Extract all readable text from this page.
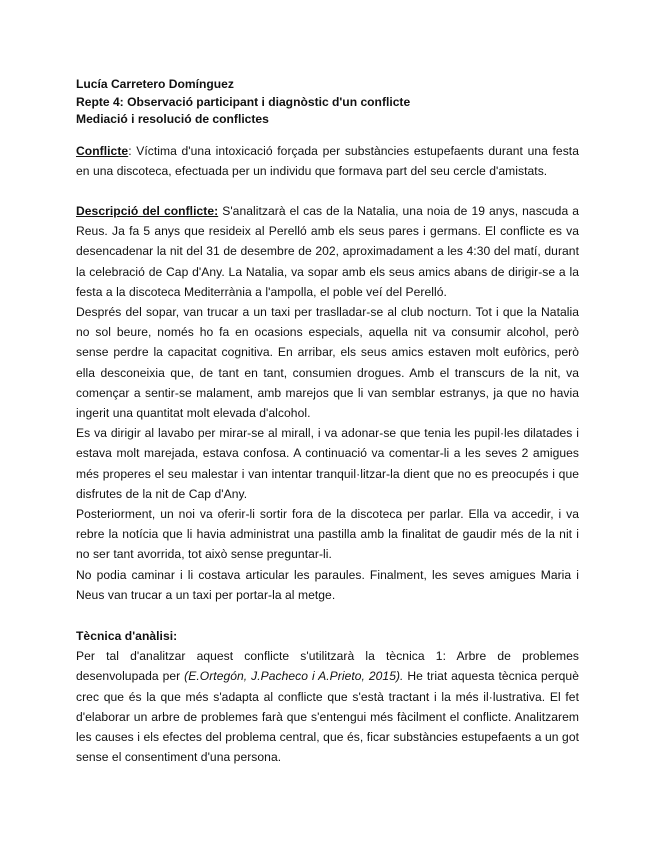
Lucía Carretero Domínguez
Repte 4: Observació participant i diagnòstic d'un conflicte
Mediació i resolució de conflictes

Conflicte: Víctima d'una intoxicació forçada per substàncies estupefaents durant una festa en una discoteca, efectuada per un individu que formava part del seu cercle d'amistats.

Descripció del conflicte: S'analitzarà el cas de la Natalia, una noia de 19 anys, nascuda a Reus. Ja fa 5 anys que resideix al Perelló amb els seus pares i germans. El conflicte es va desencadenar la nit del 31 de desembre de 202, aproximadament a les 4:30 del matí, durant la celebració de Cap d'Any. La Natalia, va sopar amb els seus amics abans de dirigir-se a la festa a la discoteca Mediterrània a l'ampolla, el poble veí del Perelló.

Després del sopar, van trucar a un taxi per traslladar-se al club nocturn. Tot i que la Natalia no sol beure, només ho fa en ocasions especials, aquella nit va consumir alcohol, però sense perdre la capacitat cognitiva. En arribar, els seus amics estaven molt eufòrics, però ella desconeixia que, de tant en tant, consumien drogues. Amb el transcurs de la nit, va començar a sentir-se malament, amb marejos que li van semblar estranys, ja que no havia ingerit una quantitat molt elevada d'alcohol.

Es va dirigir al lavabo per mirar-se al mirall, i va adonar-se que tenia les pupil·les dilatades i estava molt marejada, estava confosa. A continuació va comentar-li a les seves 2 amigues més properes el seu malestar i van intentar tranquil·litzar-la dient que no es preocupés i que disfrutes de la nit de Cap d'Any.

Posteriorment, un noi va oferir-li sortir fora de la discoteca per parlar. Ella va accedir, i va rebre la notícia que li havia administrat una pastilla amb la finalitat de gaudir més de la nit i no ser tant avorrida, tot això sense preguntar-li.

No podia caminar i li costava articular les paraules. Finalment, les seves amigues Maria i Neus van trucar a un taxi per portar-la al metge.

Tècnica d'anàlisi:

Per tal d'analitzar aquest conflicte s'utilitzarà la tècnica 1: Arbre de problemes desenvolupada per (E.Ortegón, J.Pacheco i A.Prieto, 2015). He triat aquesta tècnica perquè crec que és la que més s'adapta al conflicte que s'està tractant i la més il·lustrativa. El fet d'elaborar un arbre de problemes farà que s'entengui més fàcilment el conflicte. Analitzarem les causes i els efectes del problema central, que és, ficar substàncies estupefaents a un got sense el consentiment d'una persona.
